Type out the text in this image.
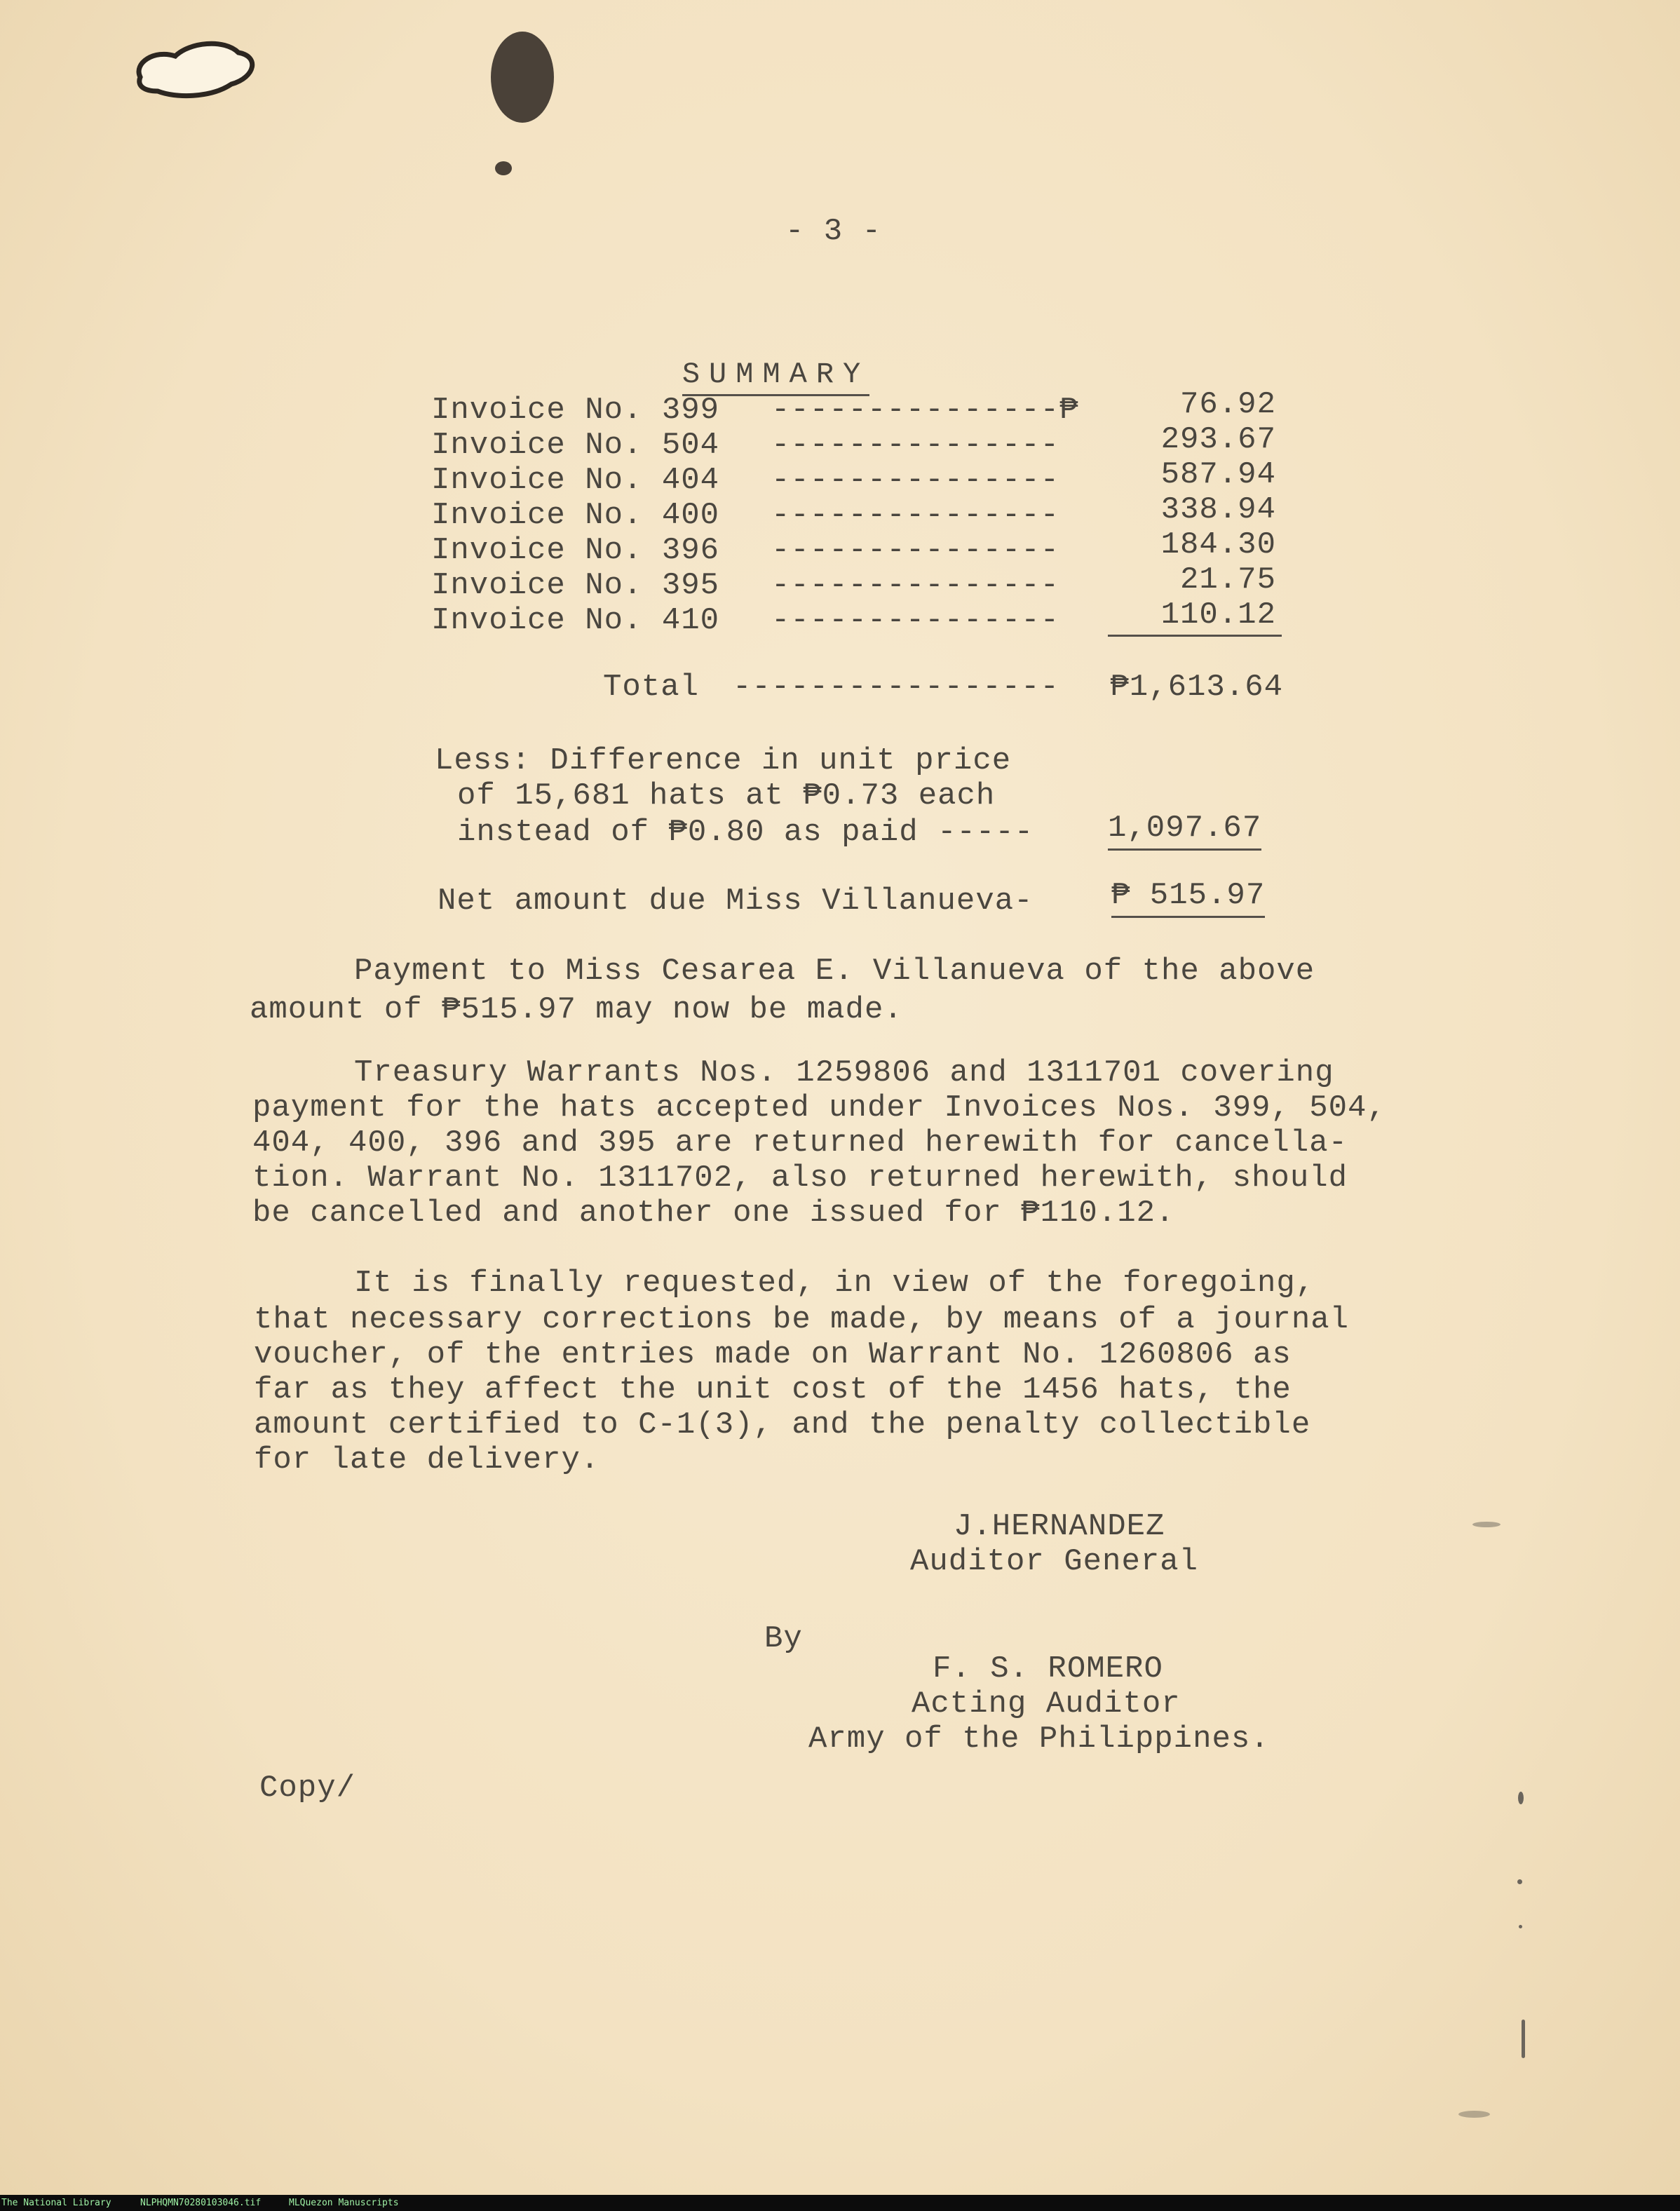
- 3 -

SUMMARY

Invoice No. 399 ---------------₱	76.92
Invoice No. 504 ---------------	293.67
Invoice No. 404 ---------------	587.94
Invoice No. 400 ---------------	338.94
Invoice No. 396 ---------------	184.30
Invoice No. 395 ---------------	21.75
Invoice No. 410 ---------------	110.12
Total -----------------	₱1,613.64
Less: Difference in unit price
of 15,681 hats at ₱0.73 each
instead of ₱0.80 as paid ----- 1,097.67
Net amount due Miss Villanueva-	₱ 515.97
Payment to Miss Cesarea E. Villanueva of the above
amount of ₱515.97 may now be made.
Treasury Warrants Nos. 1259806 and 1311701 covering
payment for the hats accepted under Invoices Nos. 399, 504,
404, 400, 396 and 395 are returned herewith for cancella-
tion. Warrant No. 1311702, also returned herewith, should
be cancelled and another one issued for ₱110.12.
It is finally requested, in view of the foregoing,
that necessary corrections be made, by means of a journal
voucher, of the entries made on Warrant No. 1260806 as
far as they affect the unit cost of the 1456 hats, the
amount certified to C-1(3), and the penalty collectible
for late delivery.
J.HERNANDEZ
Auditor General
By
F. S. ROMERO
Acting Auditor
Army of the Philippines.
Copy/
The National Library	NLPHQMN70280103046.tif	MLQuezon Manuscripts
